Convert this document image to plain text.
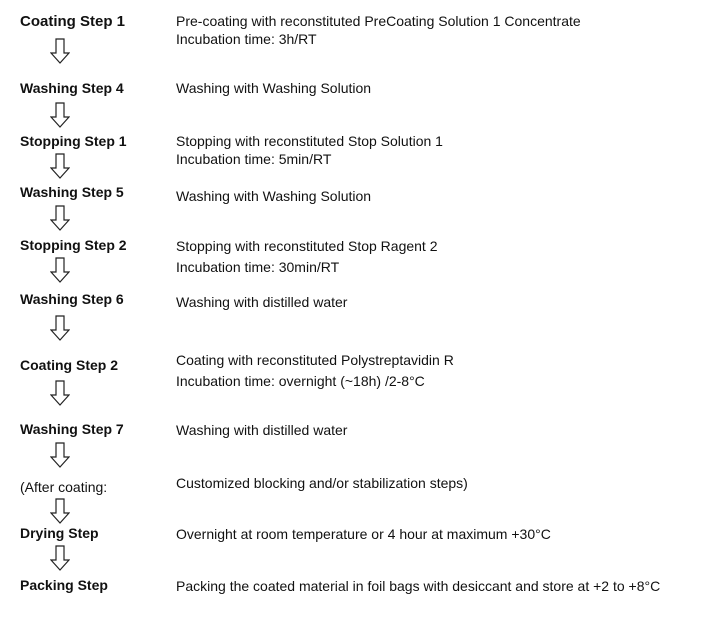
Coating Step 1	Pre-coating with reconstituted PreCoating Solution 1 Concentrate
Incubation time: 3h/RT
Washing Step 4	Washing with Washing Solution
Stopping Step 1	Stopping with reconstituted Stop Solution 1
Incubation time: 5min/RT
Washing Step 5	Washing with Washing Solution
Stopping Step 2	Stopping with reconstituted Stop Ragent 2
Incubation time: 30min/RT
Washing Step 6	Washing with distilled water
Coating Step 2	Coating with reconstituted Polystreptavidin R
Incubation time: overnight (~18h) /2-8°C
Washing Step 7	Washing with distilled water
(After coating:	Customized blocking and/or stabilization steps)
Drying Step	Overnight at room temperature or 4 hour at maximum +30°C
Packing Step	Packing the coated material in foil bags with desiccant and store at +2 to +8°C
